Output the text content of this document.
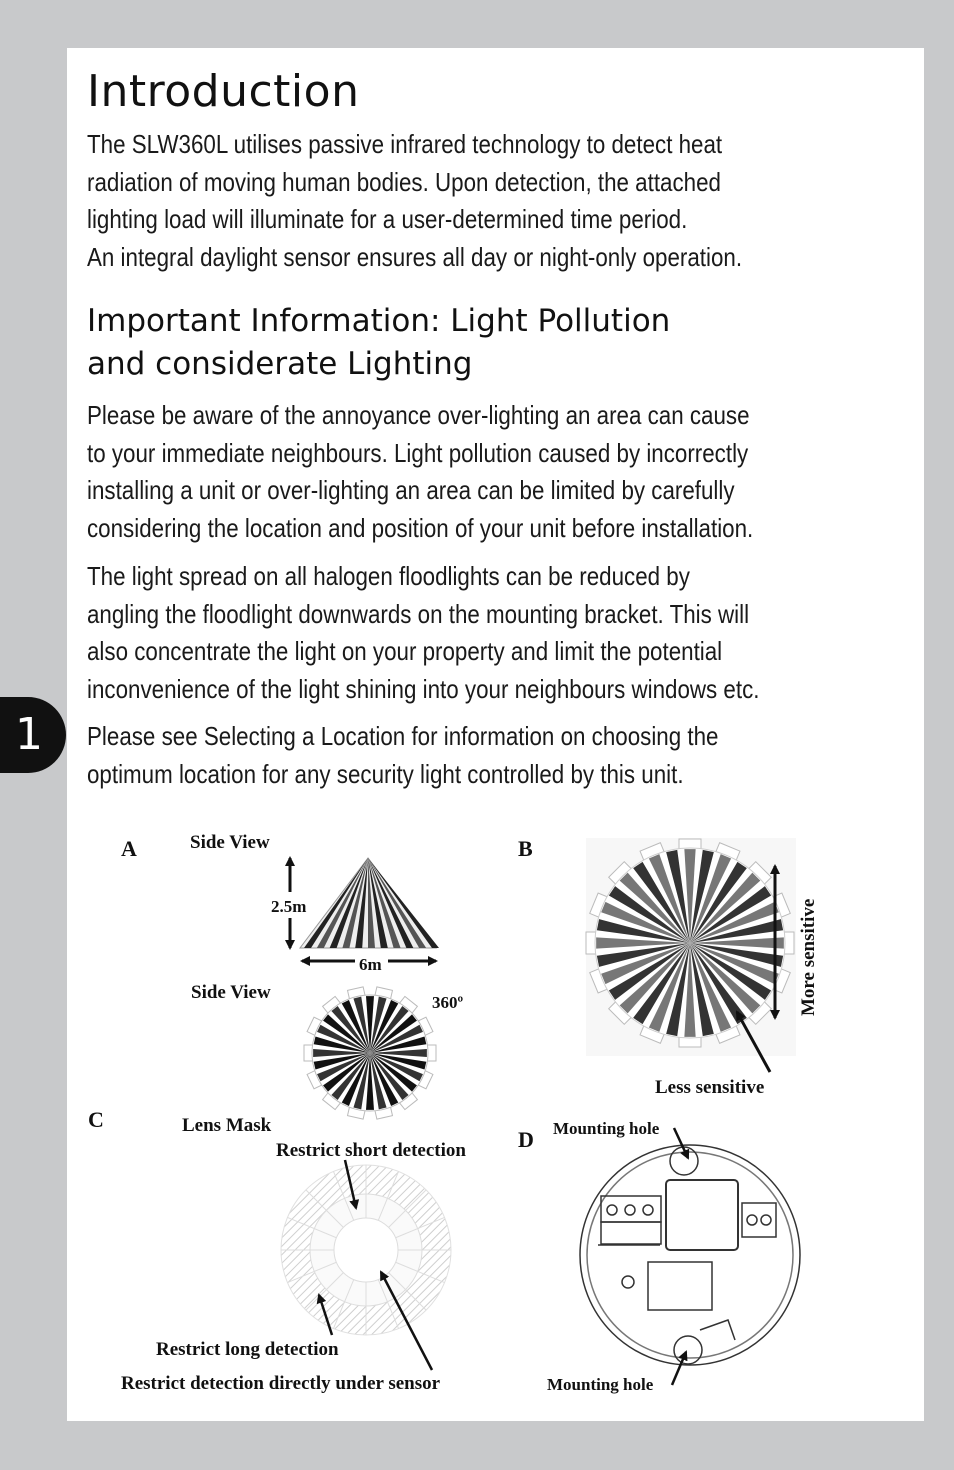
1
Introduction
The SLW360L utilises passive infrared technology to detect heat
radiation of moving human bodies. Upon detection, the attached
lighting load will illuminate for a user-determined time period.
An integral daylight sensor ensures all day or night-only operation.
Important Information: Light Pollution
and considerate Lighting
Please be aware of the annoyance over-lighting an area can cause
to your immediate neighbours. Light pollution caused by incorrectly
installing a unit or over-lighting an area can be limited by carefully
considering the location and position of your unit before installation.
The light spread on all halogen floodlights can be reduced by
angling the floodlight downwards on the mounting bracket. This will
also concentrate the light on your property and limit the potential
inconvenience of the light shining into your neighbours windows etc.
Please see Selecting a Location for information on choosing the
optimum location for any security light controlled by this unit.
A	Side View
2.5m
6m
Side View	360º
B
More sensitive
Less sensitive
C	Lens Mask
Restrict short detection
Restrict long detection
Restrict detection directly under sensor
D Mounting hole
Mounting hole
